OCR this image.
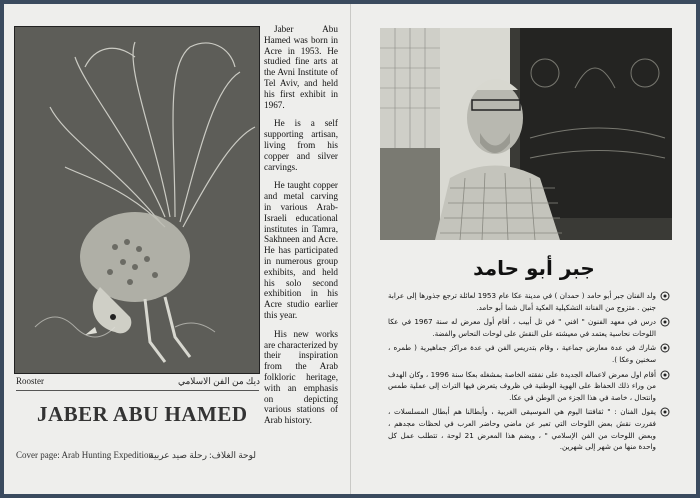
Rooster	ديك من الفن الاسلامي
JABER ABU HAMED
Cover page: Arab Hunting Expedition
لوحة الغلاف: رحلة صيد عربية

Jaber Abu Hamed was born in Acre in 1953. He studied fine arts at the Avni Institute of Tel Aviv, and held his first exhibit in 1967.

He is a self supporting artisan, living from his copper and silver carvings.

He taught copper and metal carving in various Arab-Israeli educational institutes in Tamra, Sakhneen and Acre. He has participated in numerous group exhibits, and held his solo second exhibition in his Acre studio earlier this year.

His new works are characterized by their inspiration from the Arab folkloric heritage, with an emphasis on depicting various stations of Arab history.

جبر أبو حامد
ولد الفنان جبر أبو حامد ( حمدان ) في مدينة عكا عام 1953 لعائلة ترجع جذورها إلى عرابة جنين . متزوج من الفنانة التشكيلية العكية أمال شما أبو حامد.
درس في معهد الفنون " افني " في تل أبيب ، أقام أول معرض له سنة 1967 في عكا اللوحات نحاسية يعتمد في معيشته على النقش على لوحات النحاس والفضة.
شارك في عدة معارض جماعية ، وقام بتدريس الفن في عدة مراكز جماهيرية ( طمره ، سخنين وعكا ).
أقام اول معرض لاعماله الجديدة على نفقته الخاصة بمشغله بعكا سنة 1996 ، وكان الهدف من وراء ذلك الحفاظ على الهوية الوطنية في ظروف يتعرض فيها التراث إلى عملية طمس وانتحال ، خاصة في هذا الجزء من الوطن في عكا.
يقول الفنان : " ثقافتنا اليوم هي الموسيقى الغربية ، وأبطالنا هم أبطال المسلسلات ، فقررت نقش بعض اللوحات التي تعبر عن ماضي وحاضر العرب في لحظات مجدهم ، وبعض اللوحات من الفن الإسلامي " ، ويضم هذا المعرض 21 لوحة ، تتطلب عمل كل واحدة منها من شهر إلى شهرين.
